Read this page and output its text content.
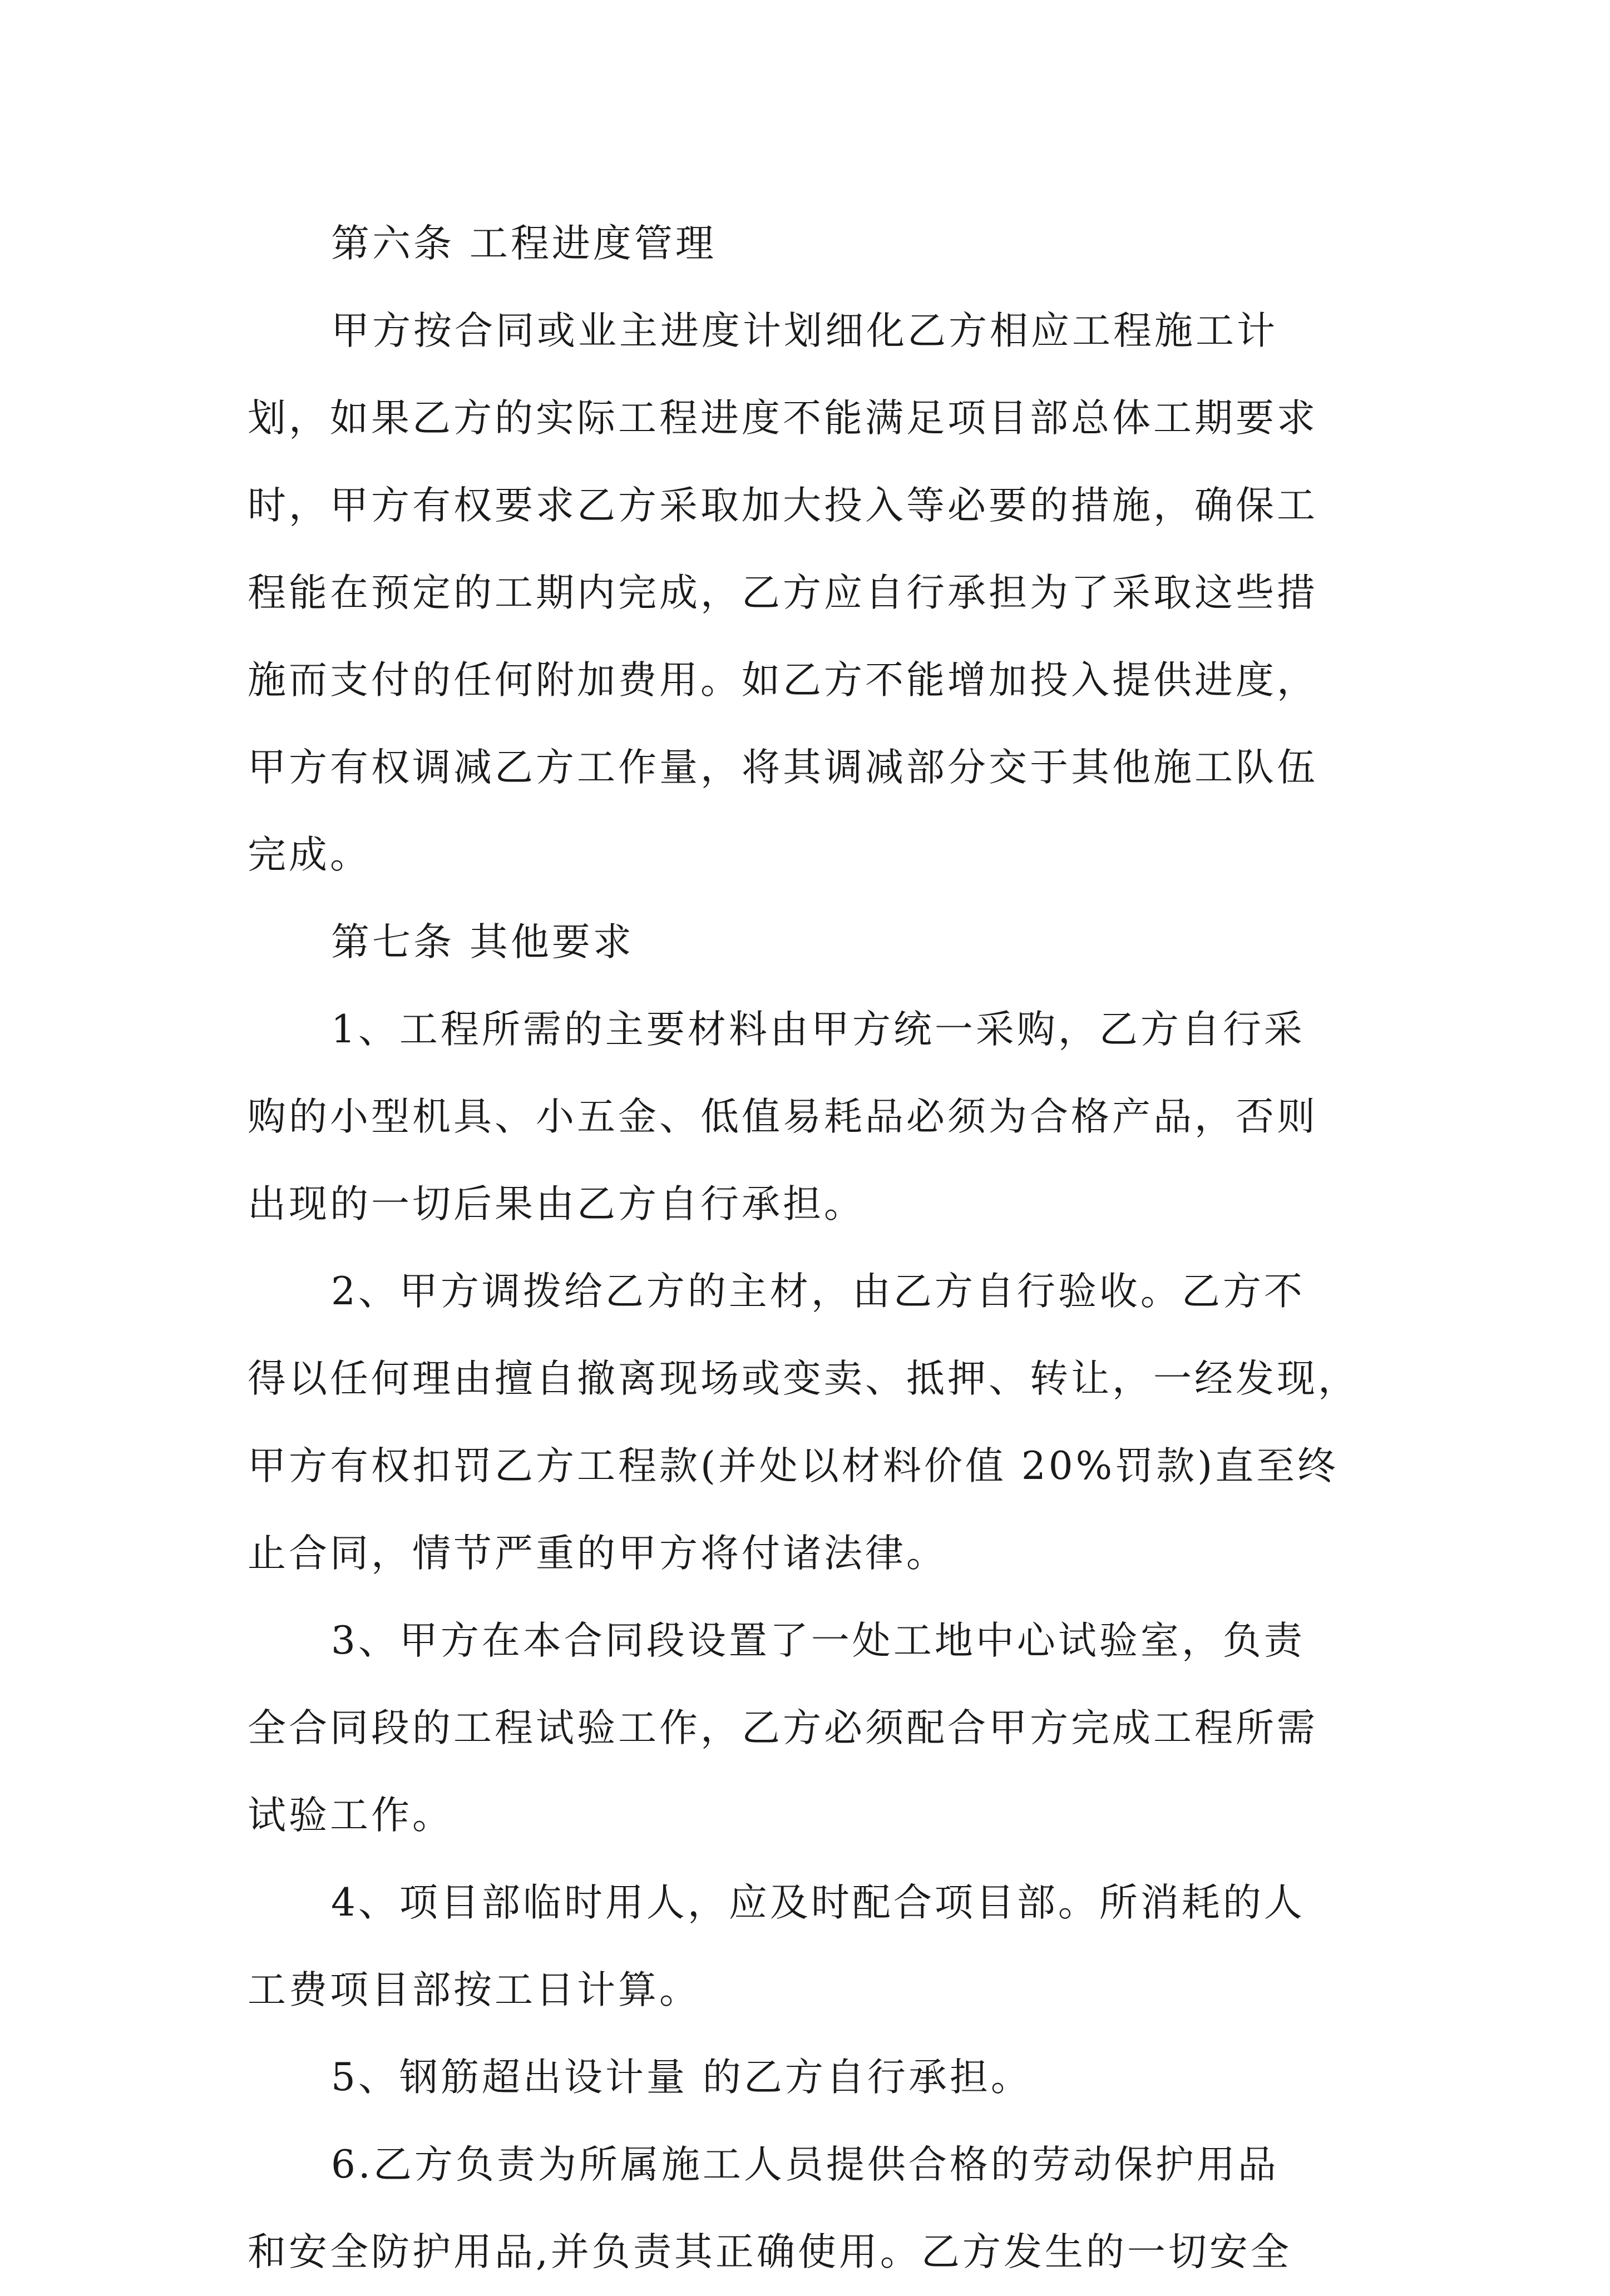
第六条 工程进度管理
甲方按合同或业主进度计划细化乙方相应工程施工计
划，如果乙方的实际工程进度不能满足项目部总体工期要求
时，甲方有权要求乙方采取加大投入等必要的措施，确保工
程能在预定的工期内完成，乙方应自行承担为了采取这些措
施而支付的任何附加费用。如乙方不能增加投入提供进度，
甲方有权调减乙方工作量，将其调减部分交于其他施工队伍
完成。
第七条 其他要求
1、工程所需的主要材料由甲方统一采购，乙方自行采
购的小型机具、小五金、低值易耗品必须为合格产品，否则
出现的一切后果由乙方自行承担。
2、甲方调拨给乙方的主材，由乙方自行验收。乙方不
得以任何理由擅自撤离现场或变卖、抵押、转让，一经发现，
甲方有权扣罚乙方工程款(并处以材料价值 20%罚款)直至终
止合同，情节严重的甲方将付诸法律。
3、甲方在本合同段设置了一处工地中心试验室，负责
全合同段的工程试验工作，乙方必须配合甲方完成工程所需
试验工作。
4、项目部临时用人，应及时配合项目部。所消耗的人
工费项目部按工日计算。
5、钢筋超出设计量 的乙方自行承担。
6.乙方负责为所属施工人员提供合格的劳动保护用品
和安全防护用品,并负责其正确使用。乙方发生的一切安全
